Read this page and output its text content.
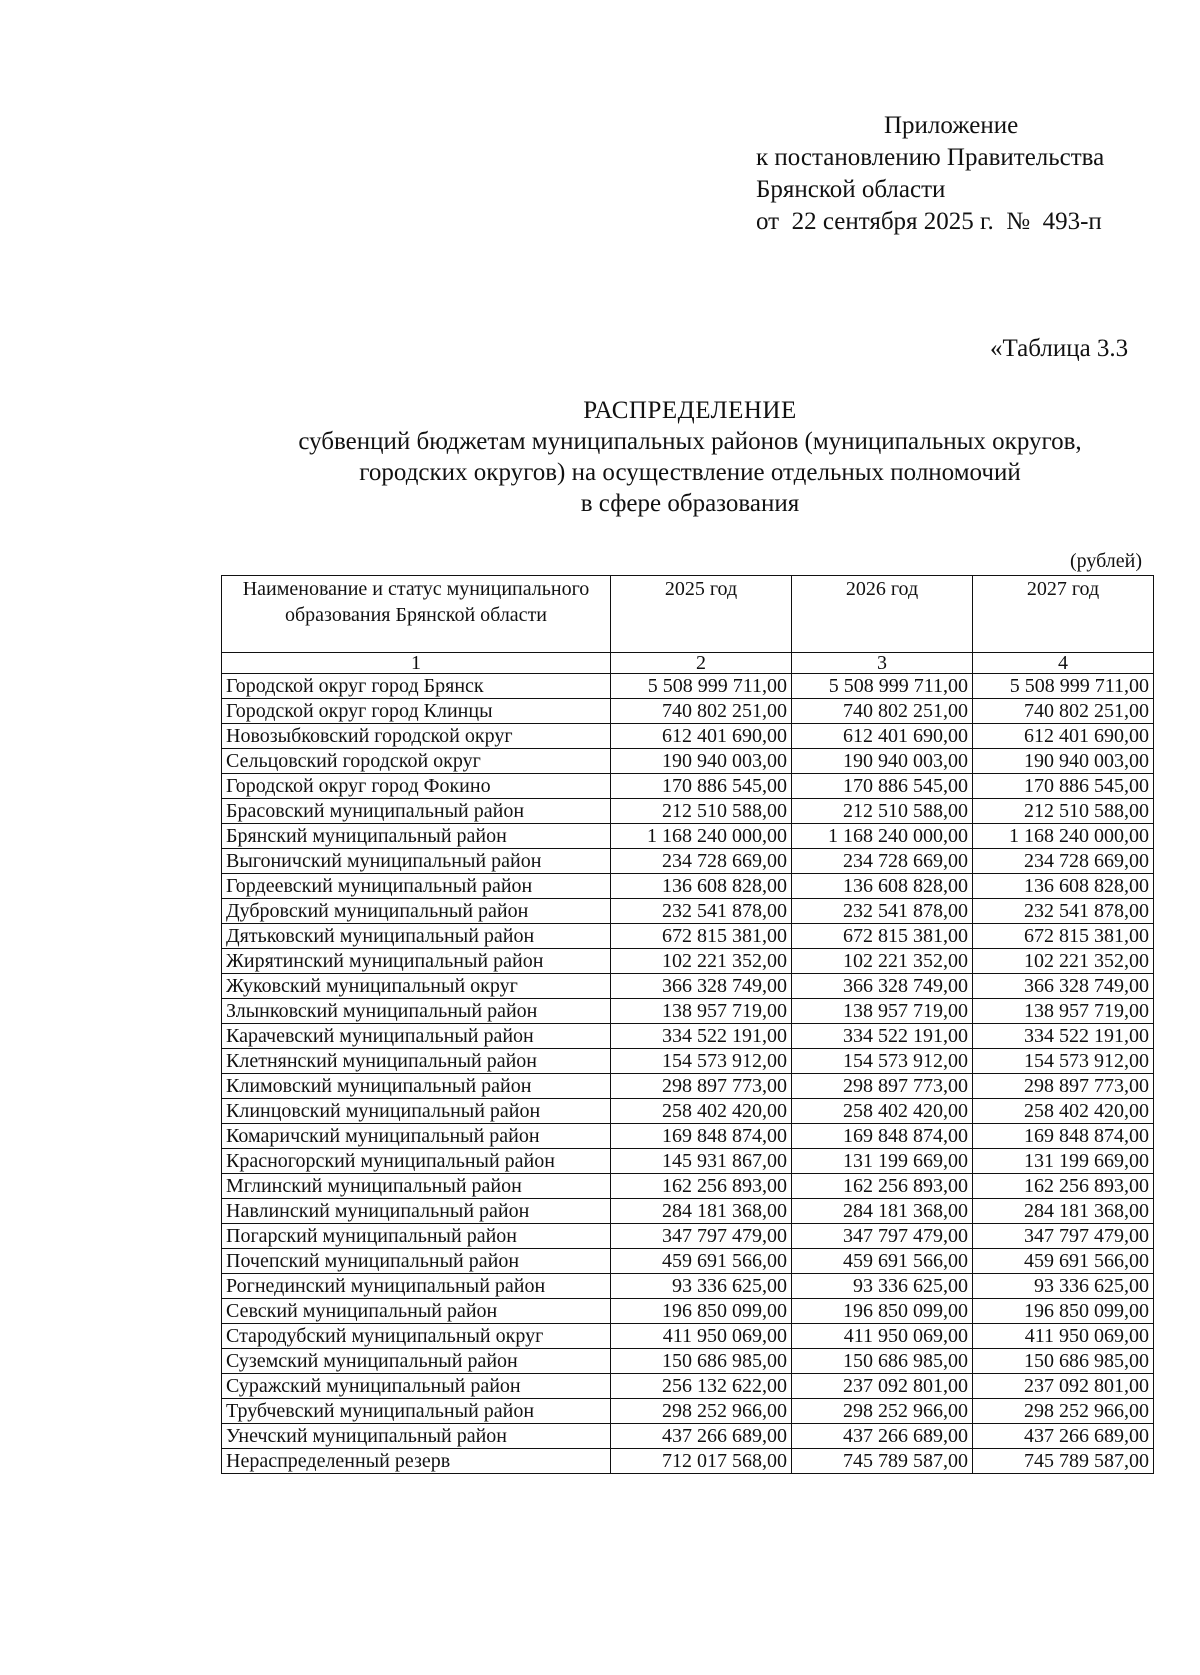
Приложение
к постановлению Правительства
Брянской области
от  22 сентября 2025 г.  №  493-п
«Таблица 3.3
РАСПРЕДЕЛЕНИЕ
субвенций бюджетам муниципальных районов (муниципальных округов,
городских округов) на осуществление отдельных полномочий
в сфере образования
(рублей)
Наименование и статус муниципального образования Брянской области	2025 год	2026 год	2027 год
1	2	3	4
Городской округ город Брянск	5 508 999 711,00	5 508 999 711,00	5 508 999 711,00
Городской округ город Клинцы	740 802 251,00	740 802 251,00	740 802 251,00
Новозыбковский городской округ	612 401 690,00	612 401 690,00	612 401 690,00
Сельцовский городской округ	190 940 003,00	190 940 003,00	190 940 003,00
Городской округ город Фокино	170 886 545,00	170 886 545,00	170 886 545,00
Брасовский муниципальный район	212 510 588,00	212 510 588,00	212 510 588,00
Брянский муниципальный район	1 168 240 000,00	1 168 240 000,00	1 168 240 000,00
Выгоничский муниципальный район	234 728 669,00	234 728 669,00	234 728 669,00
Гордеевский муниципальный район	136 608 828,00	136 608 828,00	136 608 828,00
Дубровский муниципальный район	232 541 878,00	232 541 878,00	232 541 878,00
Дятьковский муниципальный район	672 815 381,00	672 815 381,00	672 815 381,00
Жирятинский муниципальный район	102 221 352,00	102 221 352,00	102 221 352,00
Жуковский муниципальный округ	366 328 749,00	366 328 749,00	366 328 749,00
Злынковский муниципальный район	138 957 719,00	138 957 719,00	138 957 719,00
Карачевский муниципальный район	334 522 191,00	334 522 191,00	334 522 191,00
Клетнянский муниципальный район	154 573 912,00	154 573 912,00	154 573 912,00
Климовский муниципальный район	298 897 773,00	298 897 773,00	298 897 773,00
Клинцовский муниципальный район	258 402 420,00	258 402 420,00	258 402 420,00
Комаричский муниципальный район	169 848 874,00	169 848 874,00	169 848 874,00
Красногорский муниципальный район	145 931 867,00	131 199 669,00	131 199 669,00
Мглинский муниципальный район	162 256 893,00	162 256 893,00	162 256 893,00
Навлинский муниципальный район	284 181 368,00	284 181 368,00	284 181 368,00
Погарский муниципальный район	347 797 479,00	347 797 479,00	347 797 479,00
Почепский муниципальный район	459 691 566,00	459 691 566,00	459 691 566,00
Рогнединский муниципальный район	93 336 625,00	93 336 625,00	93 336 625,00
Севский муниципальный район	196 850 099,00	196 850 099,00	196 850 099,00
Стародубский муниципальный округ	411 950 069,00	411 950 069,00	411 950 069,00
Суземский муниципальный район	150 686 985,00	150 686 985,00	150 686 985,00
Суражский муниципальный район	256 132 622,00	237 092 801,00	237 092 801,00
Трубчевский муниципальный район	298 252 966,00	298 252 966,00	298 252 966,00
Унечский муниципальный район	437 266 689,00	437 266 689,00	437 266 689,00
Нераспределенный резерв	712 017 568,00	745 789 587,00	745 789 587,00
